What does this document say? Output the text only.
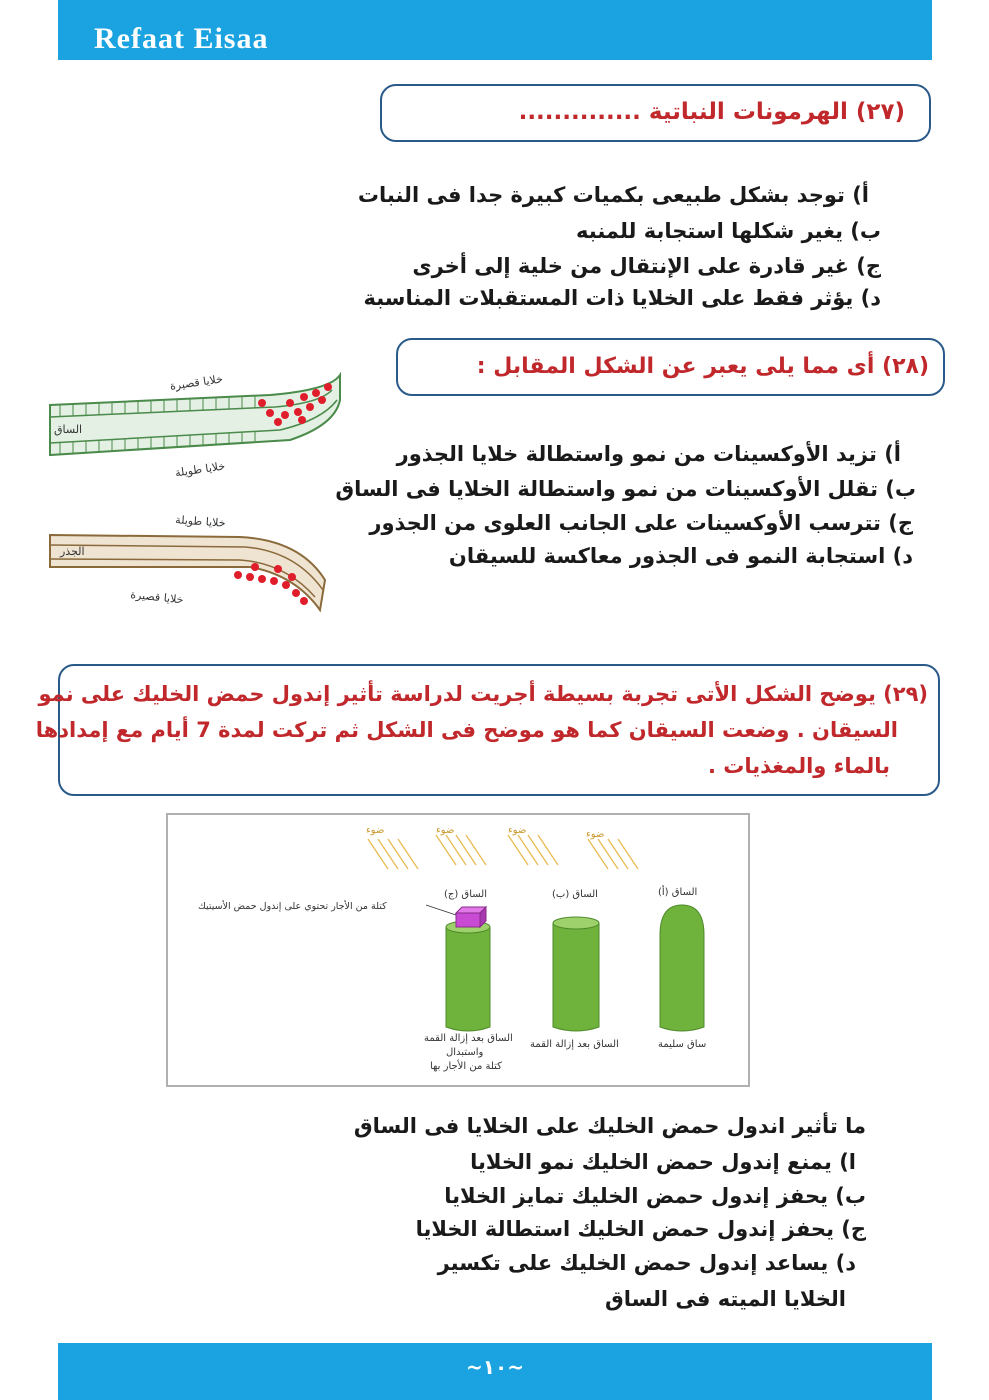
Refaat Eisaa
(٢٧) الهرمونات النباتية ..............
أ) توجد بشكل طبيعى بكميات كبيرة جدا فى النبات
ب) يغير شكلها استجابة للمنبه
ج) غير قادرة على الإنتقال من خلية إلى أخرى
د) يؤثر فقط على الخلايا ذات المستقبلات المناسبة
(٢٨) أى مما يلى يعبر عن الشكل المقابل :
خلايا قصيرة
الساق
خلايا طويلة
خلايا طويلة
الجذر
خلايا قصيرة
أ) تزيد الأوكسينات من نمو واستطالة خلايا الجذور
ب) تقلل الأوكسينات من نمو واستطالة الخلايا فى الساق
ج) تترسب الأوكسينات على الجانب العلوى من الجذور
د) استجابة النمو فى الجذور معاكسة للسيقان
(٢٩) يوضح الشكل الأتى تجربة بسيطة أجريت لدراسة تأثير إندول حمض الخليك على نمو
السيقان . وضعت السيقان كما هو موضح فى الشكل ثم تركت لمدة 7 أيام مع إمدادها
بالماء والمغذيات .
ضوء	ضوء	ضوء	ضوء
الساق (أ)
ساق سليمة
الساق (ب)
الساق بعد إزالة القمة
الساق (ج)
كتلة من الأجار تحتوي على إندول حمض الأسيتيك
الساق بعد إزالة القمة
واستبدال
كتلة من الأجار بها
ما تأثير اندول حمض الخليك على الخلايا فى الساق
ا) يمنع إندول حمض الخليك نمو الخلايا
ب) يحفز إندول حمض الخليك تمايز الخلايا
ج) يحفز إندول حمض الخليك استطالة الخلايا
د) يساعد إندول حمض الخليك على تكسير
الخلايا الميته فى الساق
~١٠~
